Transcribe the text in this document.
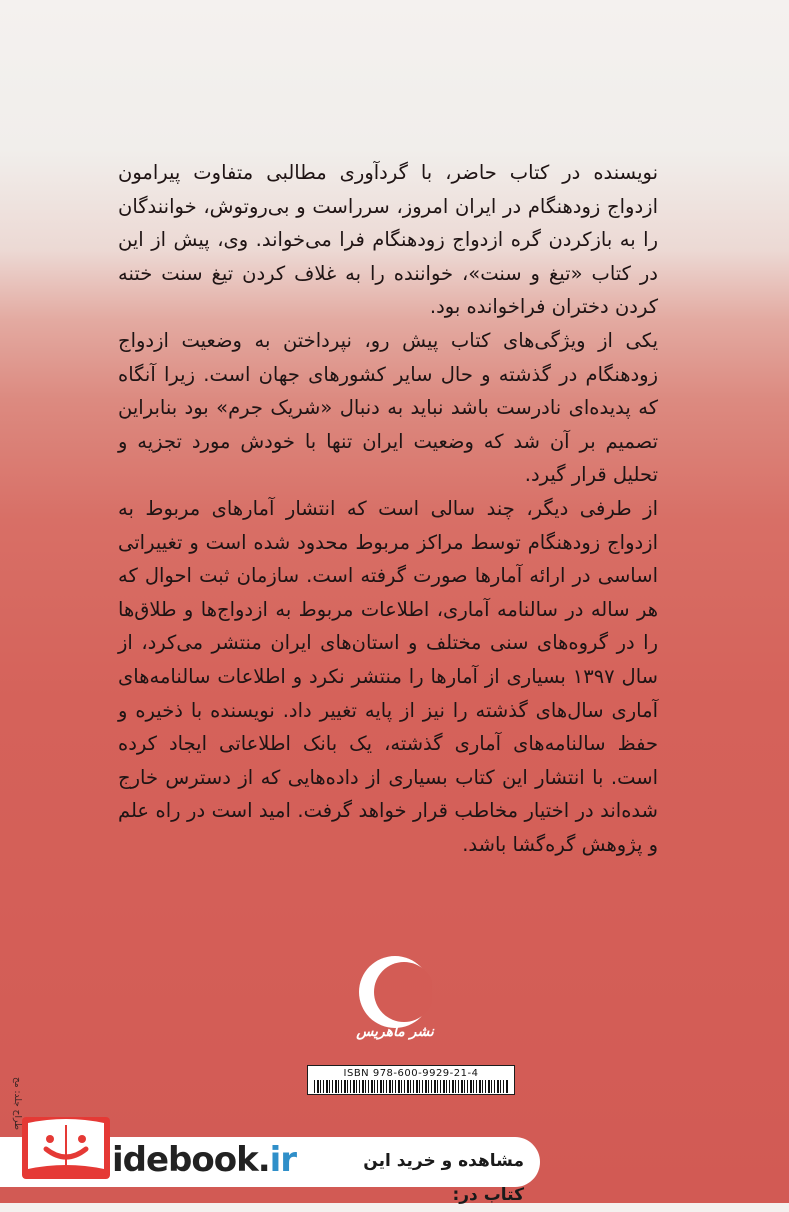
نویسنده در کتاب حاضر، با گردآوری مطالبی متفاوت پیرامون ازدواج زودهنگام در ایران امروز، سرراست و بی‌روتوش، خوانندگان را به بازکردن گره ازدواج زودهنگام فرا می‌خواند. وی، پیش از این در کتاب «تیغ و سنت»، خواننده را به غلاف کردن تیغ سنت ختنه کردن دختران فراخوانده بود.

یکی از ویژگی‌های کتاب پیش رو، نپرداختن به وضعیت ازدواج زودهنگام در گذشته و حال سایر کشورهای جهان است. زیرا آنگاه که پدیده‌ای نادرست باشد نباید به دنبال «شریک جرم» بود بنابراین تصمیم بر آن شد که وضعیت ایران تنها با خودش مورد تجزیه و تحلیل قرار گیرد.

از طرفی دیگر، چند سالی است که انتشار آمارهای مربوط به ازدواج زودهنگام توسط مراکز مربوط محدود شده است و تغییراتی اساسی در ارائه آمارها صورت گرفته است. سازمان ثبت احوال که هر ساله در سالنامه آماری، اطلاعات مربوط به ازدواج‌ها و طلاق‌ها را در گروه‌های سنی مختلف و استان‌های ایران منتشر می‌کرد، از سال ۱۳۹۷ بسیاری از آمارها را منتشر نکرد و اطلاعات سالنامه‌های آماری سال‌های گذشته را نیز از پایه تغییر داد. نویسنده با ذخیره و حفظ سالنامه‌های آماری گذشته، یک بانک اطلاعاتی ایجاد کرده است. با انتشار این کتاب بسیاری از داده‌هایی که از دسترس خارج شده‌اند در اختیار مخاطب قرار خواهد گرفت. امید است در راه علم و پژوهش گره‌گشا باشد.

نشر ماهریس
طراح جلد: مح
ISBN 978-600-9929-21-4
idebook.ir	مشاهده و خرید این کتاب در:
